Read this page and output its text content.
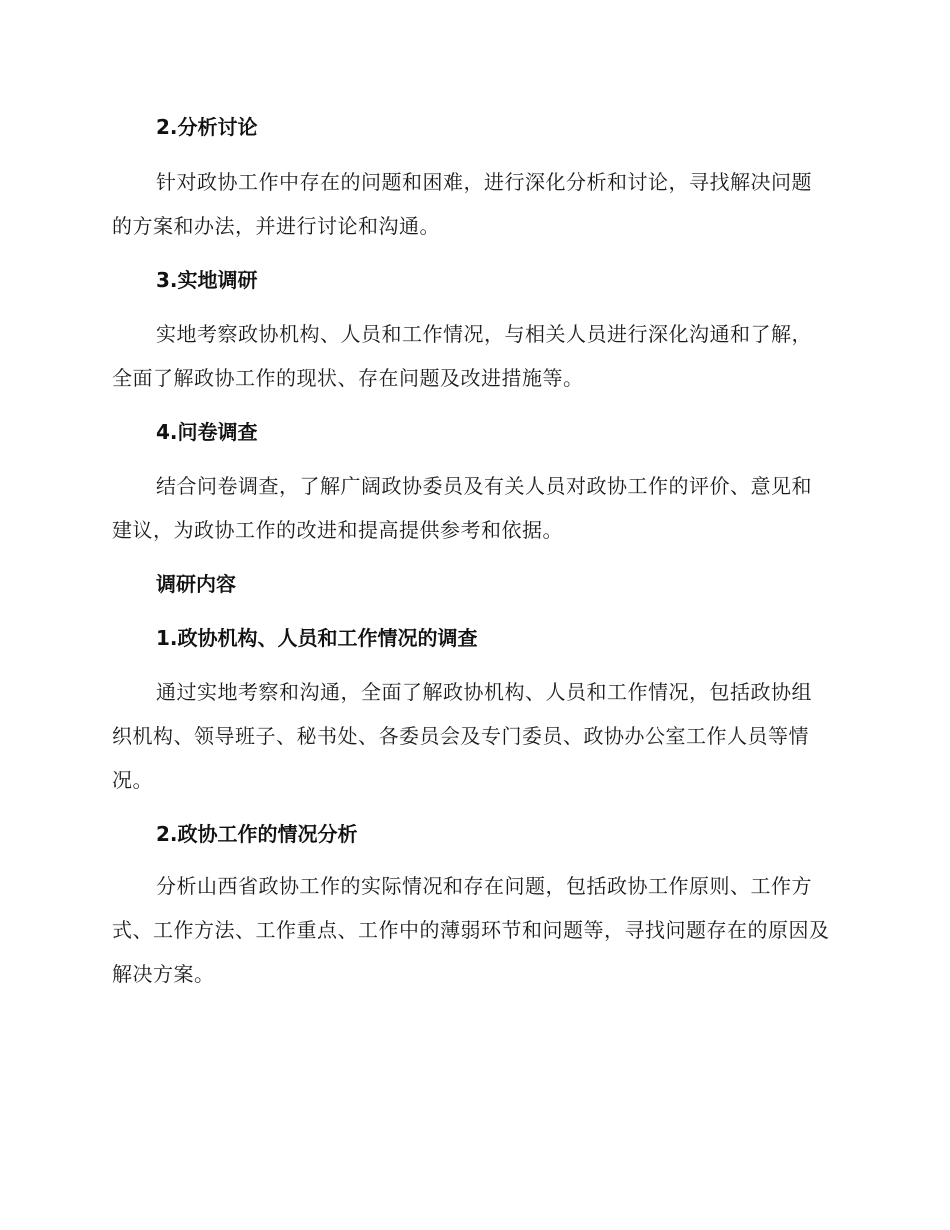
2.分析讨论
针对政协工作中存在的问题和困难，进行深化分析和讨论，寻找解决问题的方案和办法，并进行讨论和沟通。
3.实地调研
实地考察政协机构、人员和工作情况，与相关人员进行深化沟通和了解，全面了解政协工作的现状、存在问题及改进措施等。
4.问卷调查
结合问卷调查，了解广阔政协委员及有关人员对政协工作的评价、意见和建议，为政协工作的改进和提高提供参考和依据。
调研内容
1.政协机构、人员和工作情况的调查
通过实地考察和沟通，全面了解政协机构、人员和工作情况，包括政协组织机构、领导班子、秘书处、各委员会及专门委员、政协办公室工作人员等情况。
2.政协工作的情况分析
分析山西省政协工作的实际情况和存在问题，包括政协工作原则、工作方式、工作方法、工作重点、工作中的薄弱环节和问题等，寻找问题存在的原因及解决方案。
